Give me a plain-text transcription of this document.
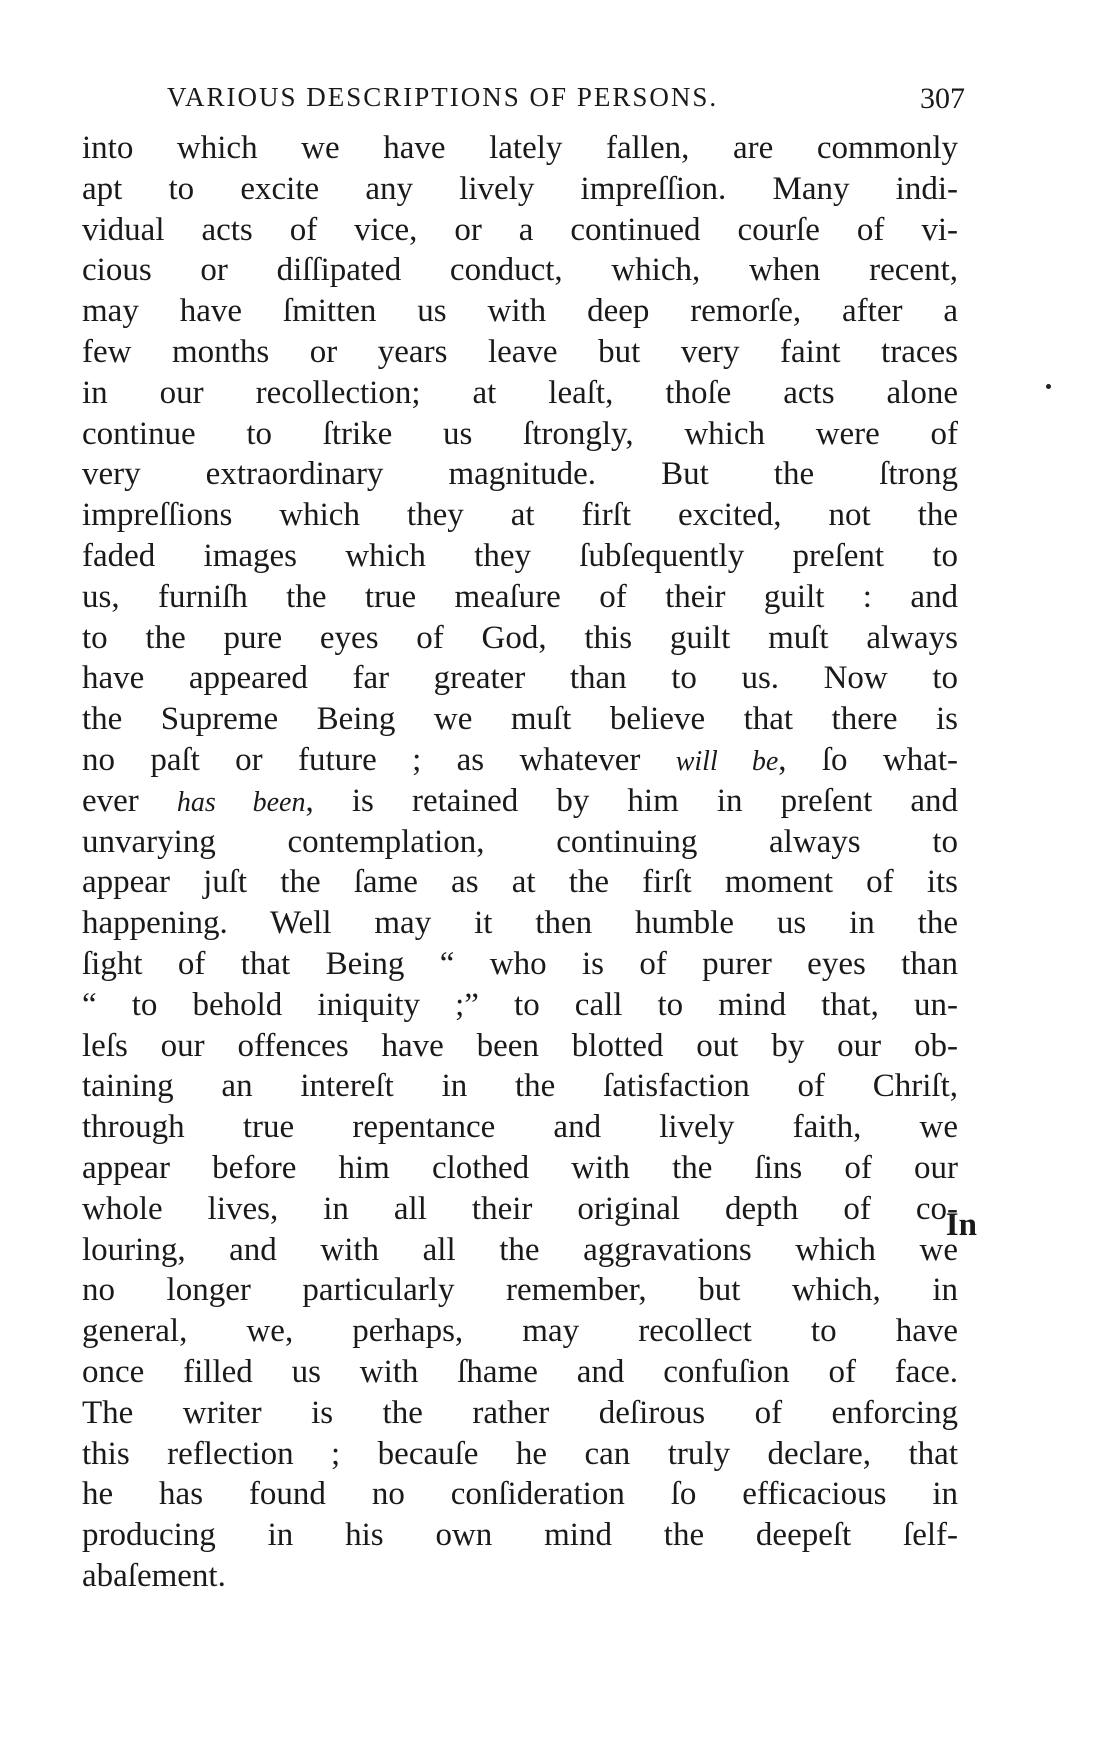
VARIOUS DESCRIPTIONS OF PERSONS.	307
into which we have lately fallen, are commonly
apt to excite any lively impreſſion. Many indi-
vidual acts of vice, or a continued courſe of vi-
cious or diſſipated conduct, which, when recent,
may have ſmitten us with deep remorſe, after a
few months or years leave but very faint traces
in our recollection; at leaſt, thoſe acts alone
continue to ſtrike us ſtrongly, which were of
very extraordinary magnitude. But the ſtrong
impreſſions which they at firſt excited, not the
faded images which they ſubſequently preſent to
us, furniſh the true meaſure of their guilt : and
to the pure eyes of God, this guilt muſt always
have appeared far greater than to us. Now to
the Supreme Being we muſt believe that there is
no paſt or future ; as whatever will be, ſo what-
ever has been, is retained by him in preſent and
unvarying contemplation, continuing always to
appear juſt the ſame as at the firſt moment of its
happening. Well may it then humble us in the
ſight of that Being “ who is of purer eyes than
“ to behold iniquity ;” to call to mind that, un-
leſs our offences have been blotted out by our ob-
taining an intereſt in the ſatisfaction of Chriſt,
through true repentance and lively faith, we
appear before him clothed with the ſins of our
whole lives, in all their original depth of co-
louring, and with all the aggravations which we
no longer particularly remember, but which, in
general, we, perhaps, may recollect to have
once filled us with ſhame and confuſion of face.
The writer is the rather deſirous of enforcing
this reflection ; becauſe he can truly declare, that
he has found no conſideration ſo efficacious in
producing in his own mind the deepeſt ſelf-
abaſement.
In
